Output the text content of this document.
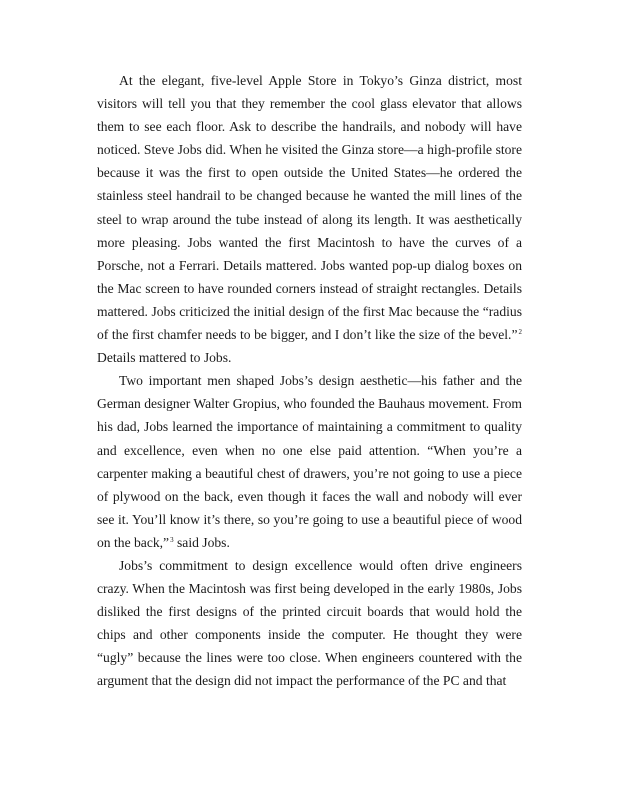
At the elegant, five-level Apple Store in Tokyo’s Ginza district, most visitors will tell you that they remember the cool glass elevator that allows them to see each floor. Ask to describe the handrails, and nobody will have noticed. Steve Jobs did. When he visited the Ginza store—a high-profile store because it was the first to open outside the United States—he ordered the stainless steel handrail to be changed because he wanted the mill lines of the steel to wrap around the tube instead of along its length. It was aesthetically more pleasing. Jobs wanted the first Macintosh to have the curves of a Porsche, not a Ferrari. Details mattered. Jobs wanted pop-up dialog boxes on the Mac screen to have rounded corners instead of straight rectangles. Details mattered. Jobs criticized the initial design of the first Mac because the “radius of the first chamfer needs to be bigger, and I don’t like the size of the bevel.”$^2$ Details mattered to Jobs.

Two important men shaped Jobs’s design aesthetic—his father and the German designer Walter Gropius, who founded the Bauhaus movement. From his dad, Jobs learned the importance of maintaining a commitment to quality and excellence, even when no one else paid attention. “When you’re a carpenter making a beautiful chest of drawers, you’re not going to use a piece of plywood on the back, even though it faces the wall and nobody will ever see it. You’ll know it’s there, so you’re going to use a beautiful piece of wood on the back,”$^3$ said Jobs.

Jobs’s commitment to design excellence would often drive engineers crazy. When the Macintosh was first being developed in the early 1980s, Jobs disliked the first designs of the printed circuit boards that would hold the chips and other components inside the computer. He thought they were “ugly” because the lines were too close. When engineers countered with the argument that the design did not impact the performance of the PC and that
